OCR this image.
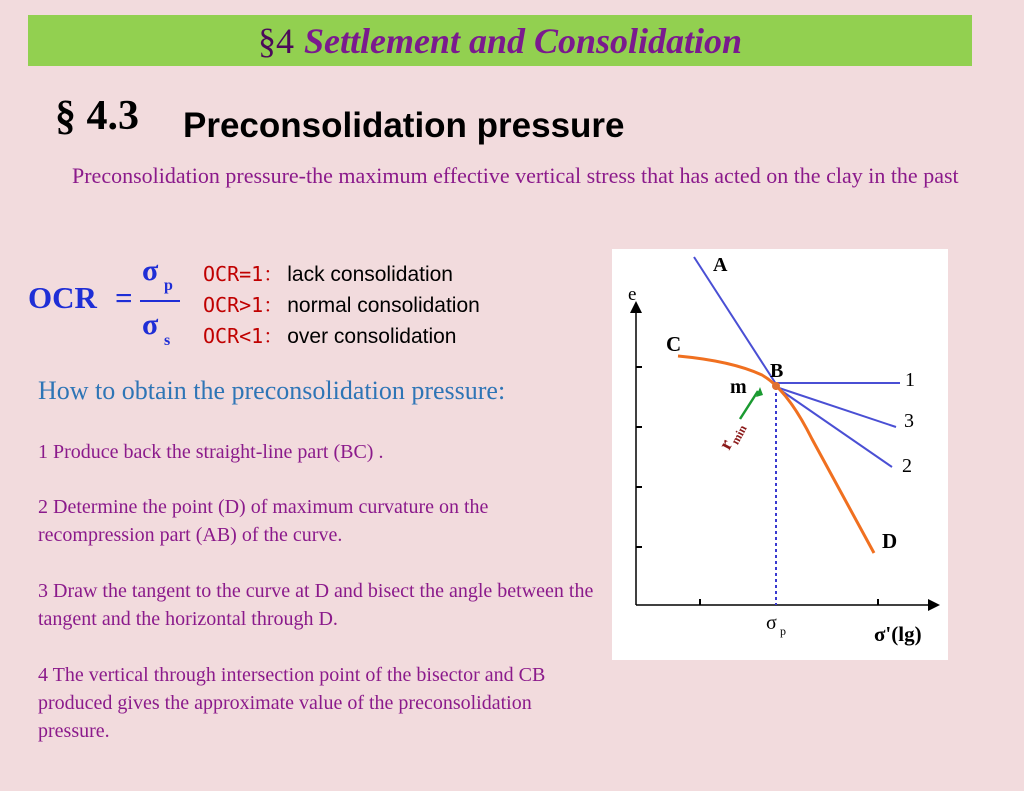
§4 Settlement and Consolidation
§ 4.3 Preconsolidation pressure
Preconsolidation pressure-the maximum effective vertical stress that has acted on the clay in the past
OCR =
σ p
σ s
OCR=1： lack consolidation
OCR>1： normal consolidation
OCR<1： over consolidation
How to obtain the preconsolidation pressure:
1 Produce back the straight-line part (BC) .
2 Determine the point (D) of maximum curvature on the recompression part (AB) of the curve.
3 Draw the tangent to the curve at D and bisect the angle between the tangent and the horizontal through D.
4 The vertical through intersection point of the bisector and CB produced gives the approximate value of the preconsolidation pressure.
A
C
B
m
D
1
3
2
e
r
min
σ p	σ'(lg)
